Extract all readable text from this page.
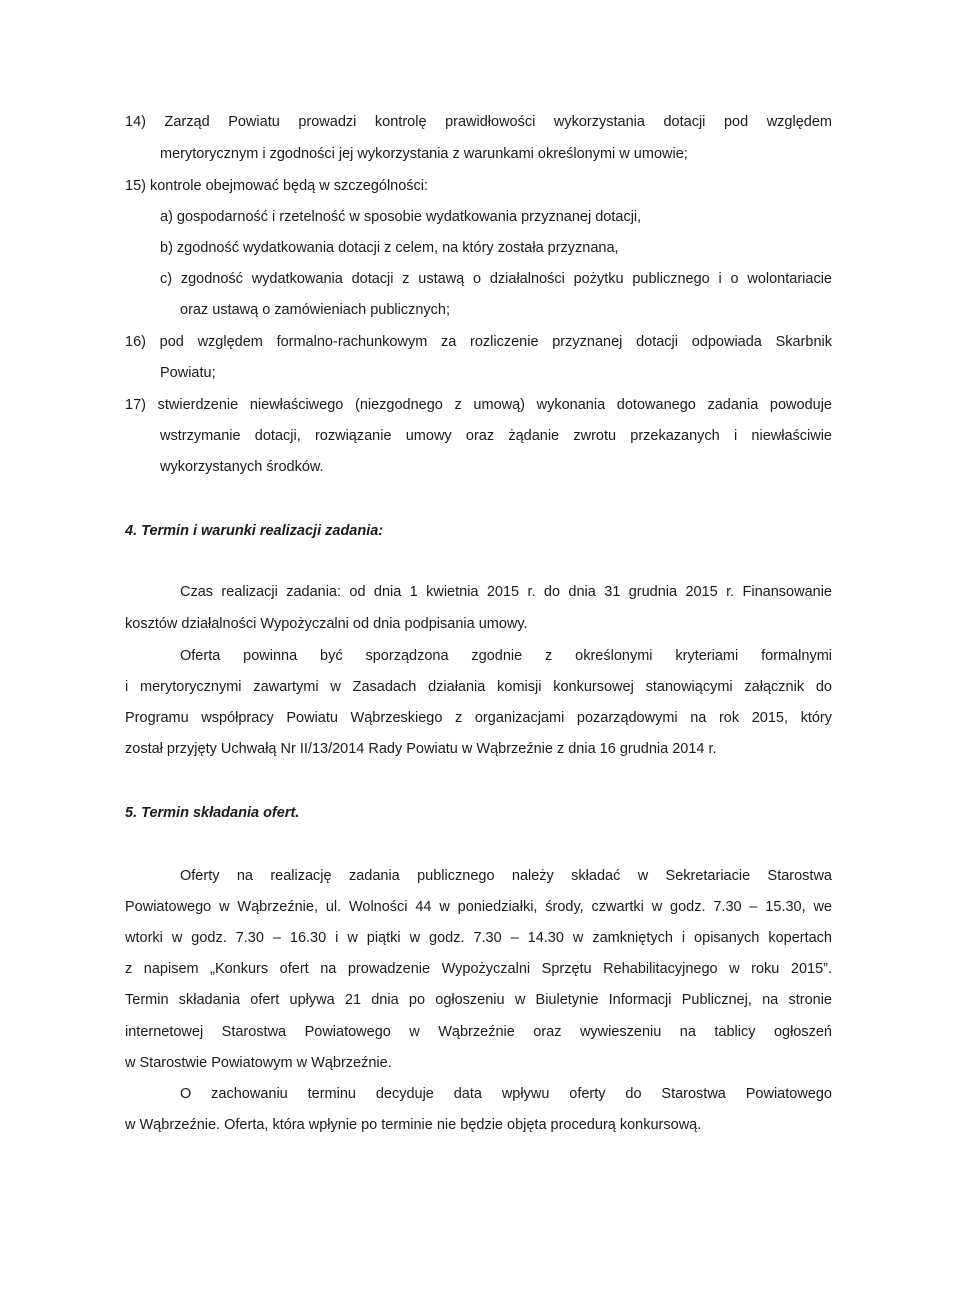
14) Zarząd Powiatu prowadzi kontrolę prawidłowości wykorzystania dotacji pod względem
merytorycznym i zgodności jej wykorzystania z warunkami określonymi w umowie;
15) kontrole obejmować będą w szczególności:
a) gospodarność i rzetelność w sposobie wydatkowania przyznanej dotacji,
b) zgodność wydatkowania dotacji z celem, na który została przyznana,
c) zgodność wydatkowania dotacji z ustawą o działalności pożytku publicznego i o wolontariacie
oraz ustawą o zamówieniach publicznych;
16) pod względem formalno-rachunkowym za rozliczenie przyznanej dotacji odpowiada Skarbnik
Powiatu;
17) stwierdzenie niewłaściwego (niezgodnego z umową) wykonania dotowanego zadania powoduje
wstrzymanie dotacji, rozwiązanie umowy oraz żądanie zwrotu przekazanych i niewłaściwie
wykorzystanych środków.
4. Termin i warunki realizacji zadania:
Czas realizacji zadania: od dnia 1 kwietnia 2015 r. do dnia 31 grudnia 2015 r. Finansowanie
kosztów działalności Wypożyczalni od dnia podpisania umowy.
Oferta powinna być sporządzona zgodnie z określonymi kryteriami formalnymi
i merytorycznymi zawartymi w Zasadach działania komisji konkursowej stanowiącymi załącznik do
Programu współpracy Powiatu Wąbrzeskiego z organizacjami pozarządowymi na rok 2015, który
został przyjęty Uchwałą Nr II/13/2014 Rady Powiatu w Wąbrzeźnie z dnia 16 grudnia 2014 r.
5. Termin składania ofert.
Oferty na realizację zadania publicznego należy składać w Sekretariacie Starostwa
Powiatowego w Wąbrzeźnie, ul. Wolności 44 w poniedziałki, środy, czwartki w godz. 7.30 – 15.30, we
wtorki w godz. 7.30 – 16.30 i w piątki w godz. 7.30 – 14.30 w zamkniętych i opisanych kopertach
z napisem „Konkurs ofert na prowadzenie Wypożyczalni Sprzętu Rehabilitacyjnego w roku 2015”.
Termin składania ofert upływa 21 dnia po ogłoszeniu w Biuletynie Informacji Publicznej, na stronie
internetowej Starostwa Powiatowego w Wąbrzeźnie oraz wywieszeniu na tablicy ogłoszeń
w Starostwie Powiatowym w Wąbrzeźnie.
O zachowaniu terminu decyduje data wpływu oferty do Starostwa Powiatowego
w Wąbrzeźnie. Oferta, która wpłynie po terminie nie będzie objęta procedurą konkursową.
